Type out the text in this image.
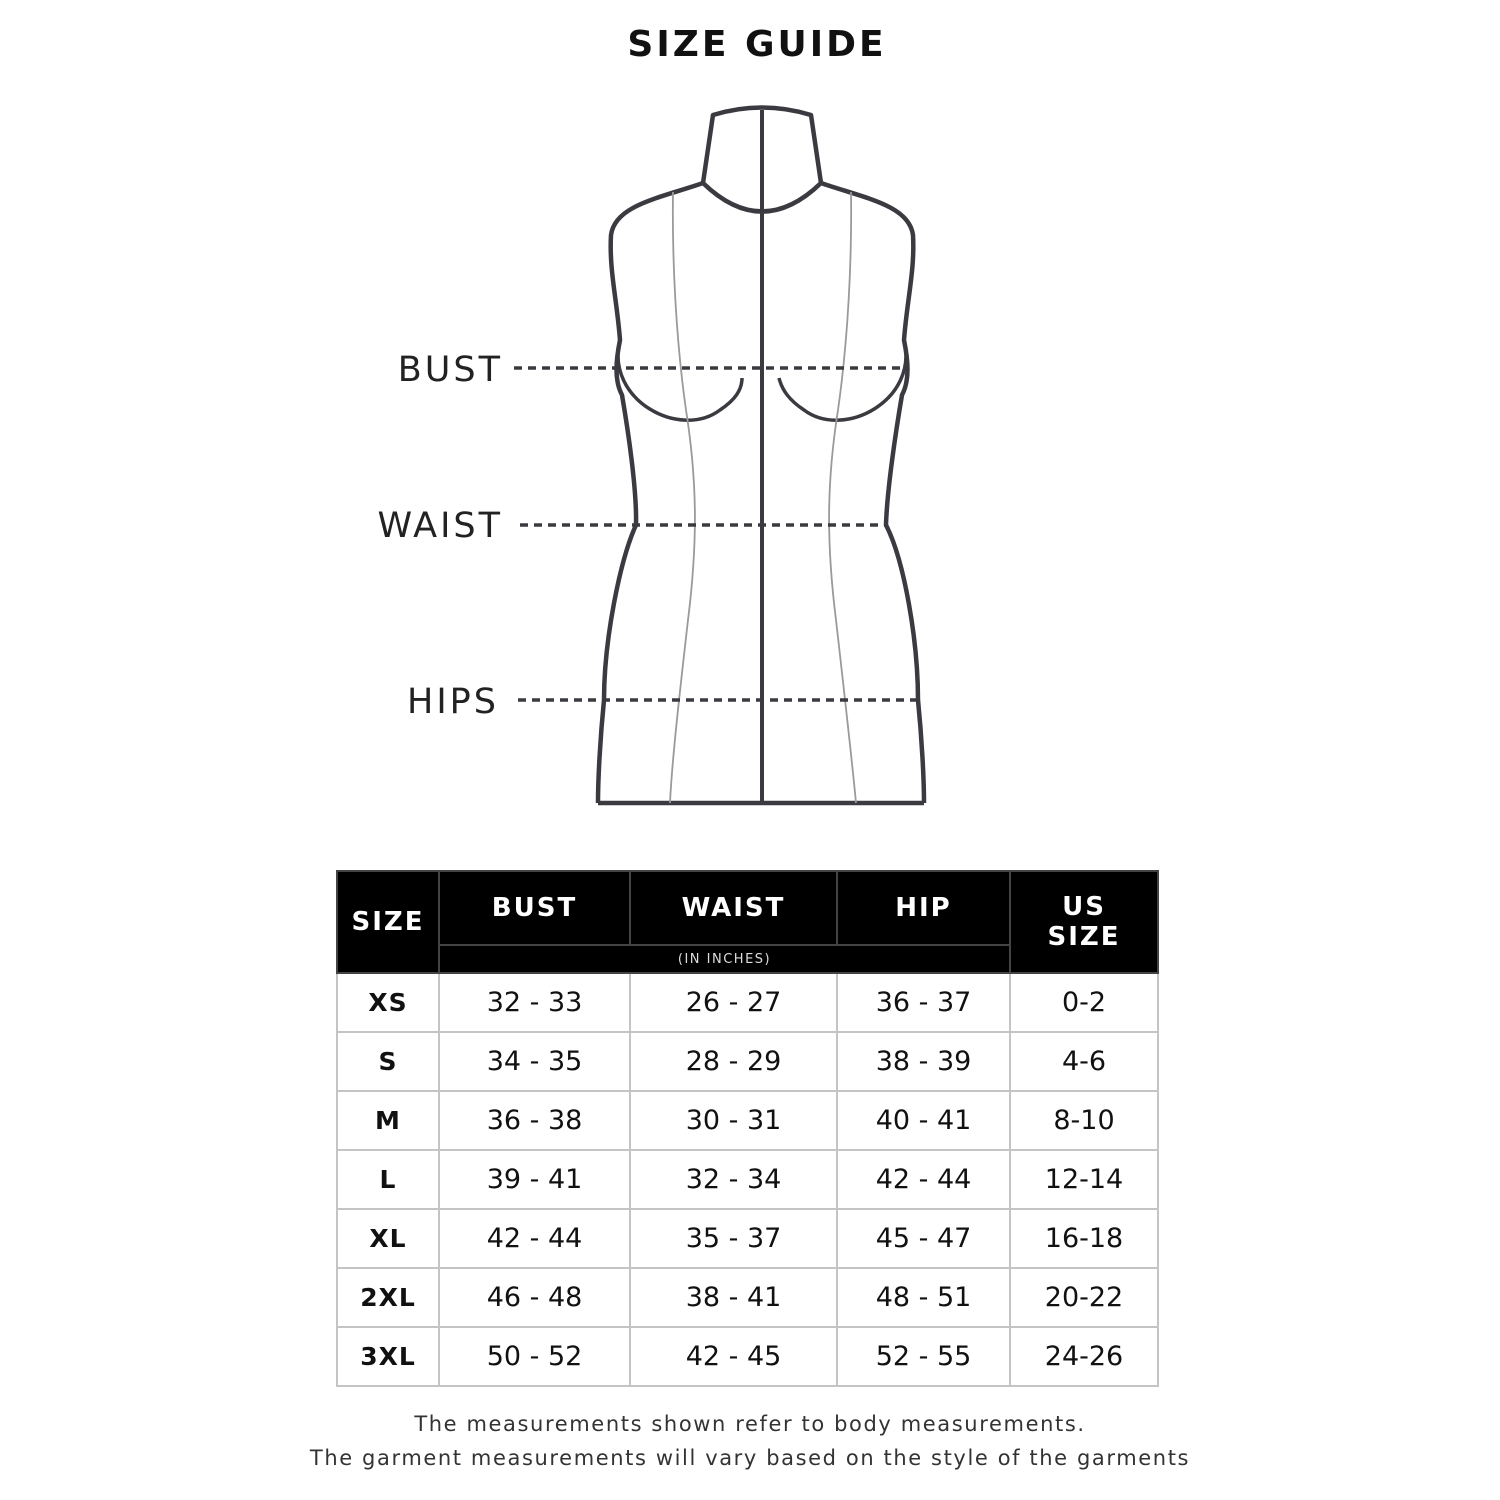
SIZE GUIDE
BUST
WAIST
HIPS
SIZE	BUST	WAIST	HIP	US
SIZE

	(IN INCHES)			
XS	32 - 33	26 - 27	36 - 37	0-2
S	34 - 35	28 - 29	38 - 39	4-6
M	36 - 38	30 - 31	40 - 41	8-10
L	39 - 41	32 - 34	42 - 44	12-14
XL	42 - 44	35 - 37	45 - 47	16-18
2XL	46 - 48	38 - 41	48 - 51	20-22
3XL	50 - 52	42 - 45	52 - 55	24-26
The measurements shown refer to body measurements.
The garment measurements will vary based on the style of the garments
